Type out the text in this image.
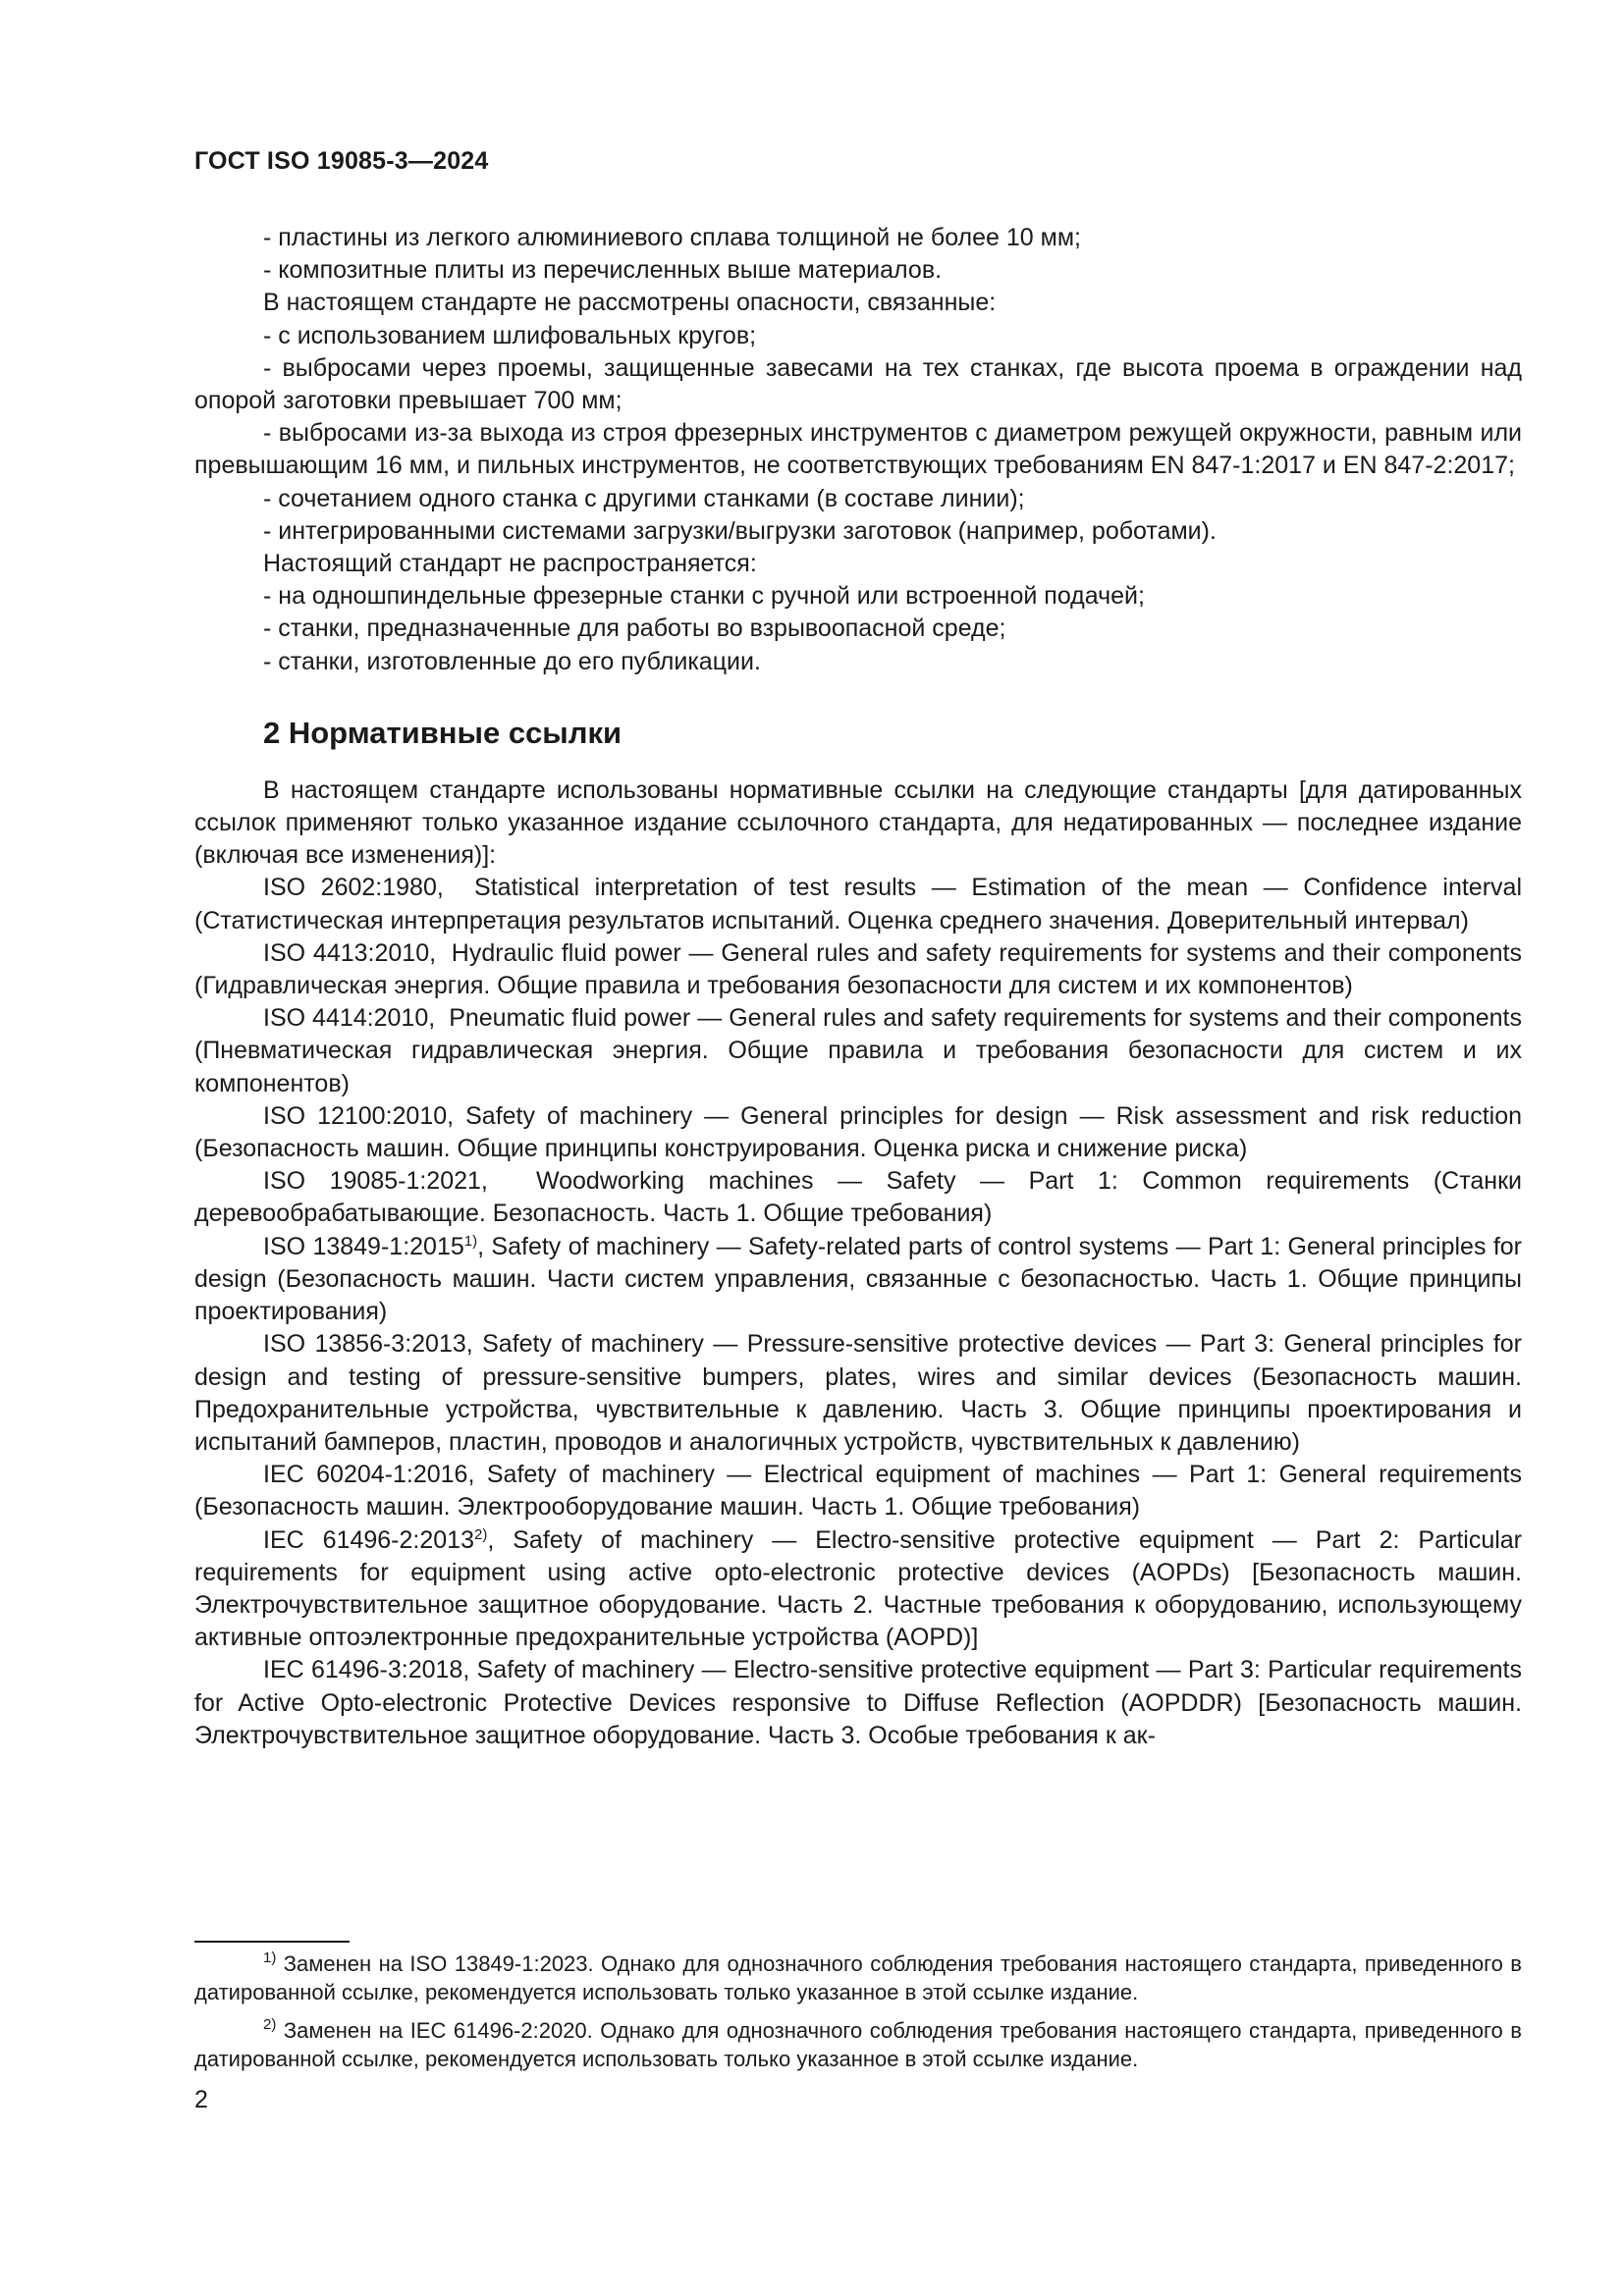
ГОСТ ISO 19085-3—2024

- пластины из легкого алюминиевого сплава толщиной не более 10 мм;

- композитные плиты из перечисленных выше материалов.

В настоящем стандарте не рассмотрены опасности, связанные:

- с использованием шлифовальных кругов;

- выбросами через проемы, защищенные завесами на тех станках, где высота проема в ограждении над опорой заготовки превышает 700 мм;

- выбросами из-за выхода из строя фрезерных инструментов с диаметром режущей окружности, равным или превышающим 16 мм, и пильных инструментов, не соответствующих требованиям EN 847-1:2017 и EN 847-2:2017;

- сочетанием одного станка с другими станками (в составе линии);

- интегрированными системами загрузки/выгрузки заготовок (например, роботами).

Настоящий стандарт не распространяется:

- на одношпиндельные фрезерные станки с ручной или встроенной подачей;

- станки, предназначенные для работы во взрывоопасной среде;

- станки, изготовленные до его публикации.

2 Нормативные ссылки

В настоящем стандарте использованы нормативные ссылки на следующие стандарты [для датированных ссылок применяют только указанное издание ссылочного стандарта, для недатированных — последнее издание (включая все изменения)]:

ISO 2602:1980, Statistical interpretation of test results — Estimation of the mean — Confidence interval (Статистическая интерпретация результатов испытаний. Оценка среднего значения. Доверительный интервал)

ISO 4413:2010, Hydraulic fluid power — General rules and safety requirements for systems and their components (Гидравлическая энергия. Общие правила и требования безопасности для систем и их компонентов)

ISO 4414:2010, Pneumatic fluid power — General rules and safety requirements for systems and their components (Пневматическая гидравлическая энергия. Общие правила и требования безопасности для систем и их компонентов)

ISO 12100:2010, Safety of machinery — General principles for design — Risk assessment and risk reduction (Безопасность машин. Общие принципы конструирования. Оценка риска и снижение риска)

ISO 19085-1:2021, Woodworking machines — Safety — Part 1: Common requirements (Станки деревообрабатывающие. Безопасность. Часть 1. Общие требования)

ISO 13849-1:2015$^{1)}$, Safety of machinery — Safety-related parts of control systems — Part 1: General principles for design (Безопасность машин. Части систем управления, связанные с безопасностью. Часть 1. Общие принципы проектирования)

ISO 13856-3:2013, Safety of machinery — Pressure-sensitive protective devices — Part 3: General principles for design and testing of pressure-sensitive bumpers, plates, wires and similar devices (Безопасность машин. Предохранительные устройства, чувствительные к давлению. Часть 3. Общие принципы проектирования и испытаний бамперов, пластин, проводов и аналогичных устройств, чувствительных к давлению)

IEC 60204-1:2016, Safety of machinery — Electrical equipment of machines — Part 1: General requirements (Безопасность машин. Электрооборудование машин. Часть 1. Общие требования)

IEC 61496-2:2013$^{2)}$, Safety of machinery — Electro-sensitive protective equipment — Part 2: Particular requirements for equipment using active opto-electronic protective devices (AOPDs) [Безопасность машин. Электрочувствительное защитное оборудование. Часть 2. Частные требования к оборудованию, использующему активные оптоэлектронные предохранительные устройства (AOPD)]

IEC 61496-3:2018, Safety of machinery — Electro-sensitive protective equipment — Part 3: Particular requirements for Active Opto-electronic Protective Devices responsive to Diffuse Reflection (AOPDDR) [Безопасность машин. Электрочувствительное защитное оборудование. Часть 3. Особые требования к ак-

$^{1)}$ Заменен на ISO 13849-1:2023. Однако для однозначного соблюдения требования настоящего стандарта, приведенного в датированной ссылке, рекомендуется использовать только указанное в этой ссылке издание.

$^{2)}$ Заменен на IEC 61496-2:2020. Однако для однозначного соблюдения требования настоящего стандарта, приведенного в датированной ссылке, рекомендуется использовать только указанное в этой ссылке издание.

2
